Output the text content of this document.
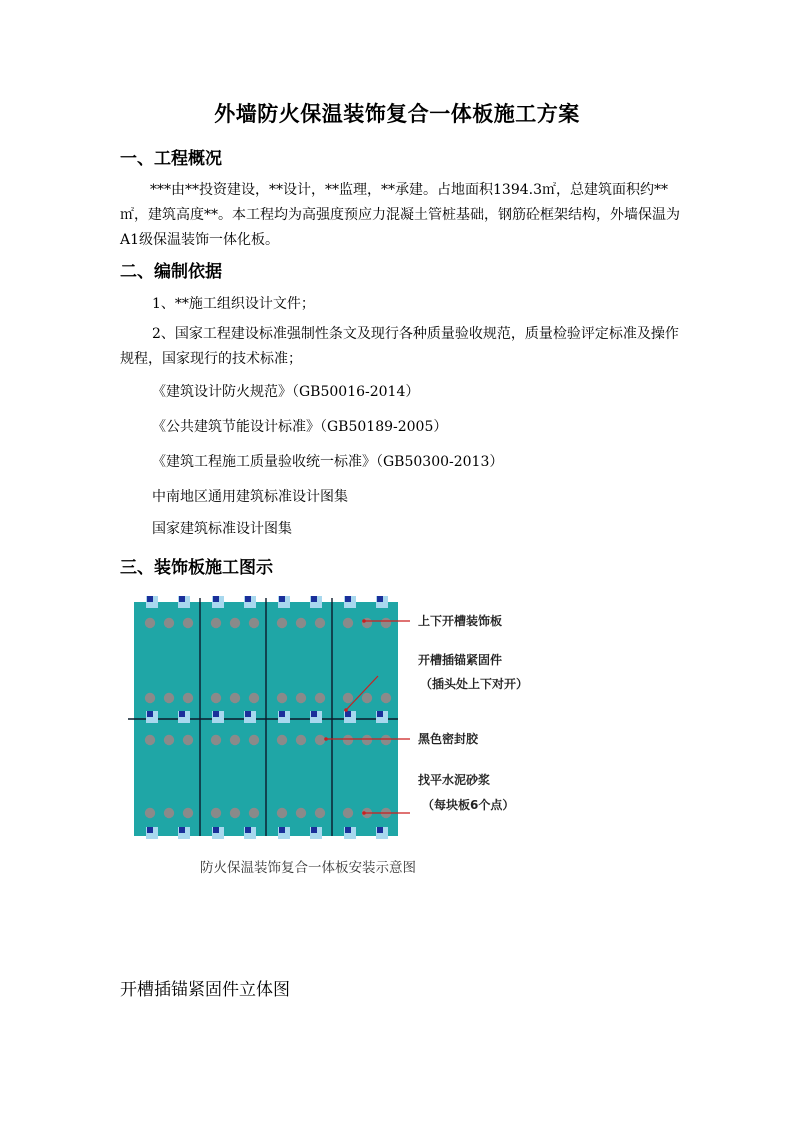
外墙防火保温装饰复合一体板施工方案
一、工程概况
***由**投资建设，**设计，**监理，**承建。占地面积1394.3㎡，总建筑面积约**㎡，建筑高度**。本工程均为高强度预应力混凝土管桩基础，钢筋砼框架结构，外墙保温为A1级保温装饰一体化板。
二、编制依据
1、**施工组织设计文件；
2、国家工程建设标准强制性条文及现行各种质量验收规范，质量检验评定标准及操作规程，国家现行的技术标准；
《建筑设计防火规范》（GB50016-2014）
《公共建筑节能设计标准》（GB50189-2005）
《建筑工程施工质量验收统一标准》（GB50300-2013）
中南地区通用建筑标准设计图集
国家建筑标准设计图集
三、装饰板施工图示
上下开槽装饰板
开槽插锚紧固件
（插头处上下对开）
黑色密封胶
找平水泥砂浆
（每块板6个点）
防火保温装饰复合一体板安装示意图
开槽插锚紧固件立体图
